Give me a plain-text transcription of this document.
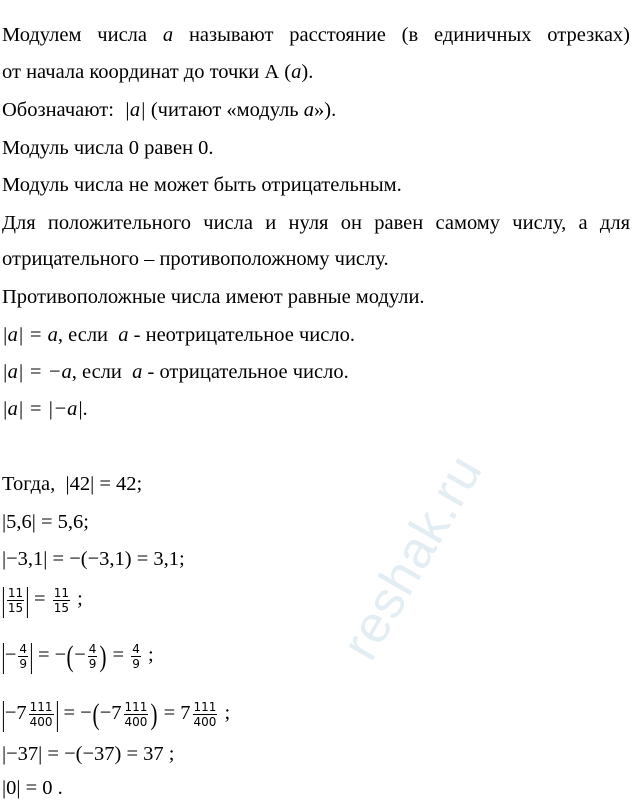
Модулем числа a называют расстояние (в единичных отрезках)
от начала координат до точки А (a).
Обозначают: |a| (читают «модуль a»).
Модуль числа 0 равен 0.
Модуль числа не может быть отрицательным.
Для положительного числа и нуля он равен самому числу, а для
отрицательного – противоположному числу.
Противоположные числа имеют равные модули.
|a| = a, если a - неотрицательное число.
|a| = −a, если a - отрицательное число.
|a| = |−a|.
Тогда, |42| = 42;
|5,6| = 5,6;
|−3,1| = −(−3,1) = 3,1;
| $\frac{11}{15}$ | = $\frac{11}{15}$ ;
|− $\frac{4}{9}$ | = −(− $\frac{4}{9}$ ) = $\frac{4}{9}$ ;
$|-7 \frac{111}{400}$ | = $-(-7 \frac{111}{400}$ ) = $7 \frac{111}{400}$ ;
|−37| = −(−37) = 37 ;
|0| = 0 .
reshak.ru
